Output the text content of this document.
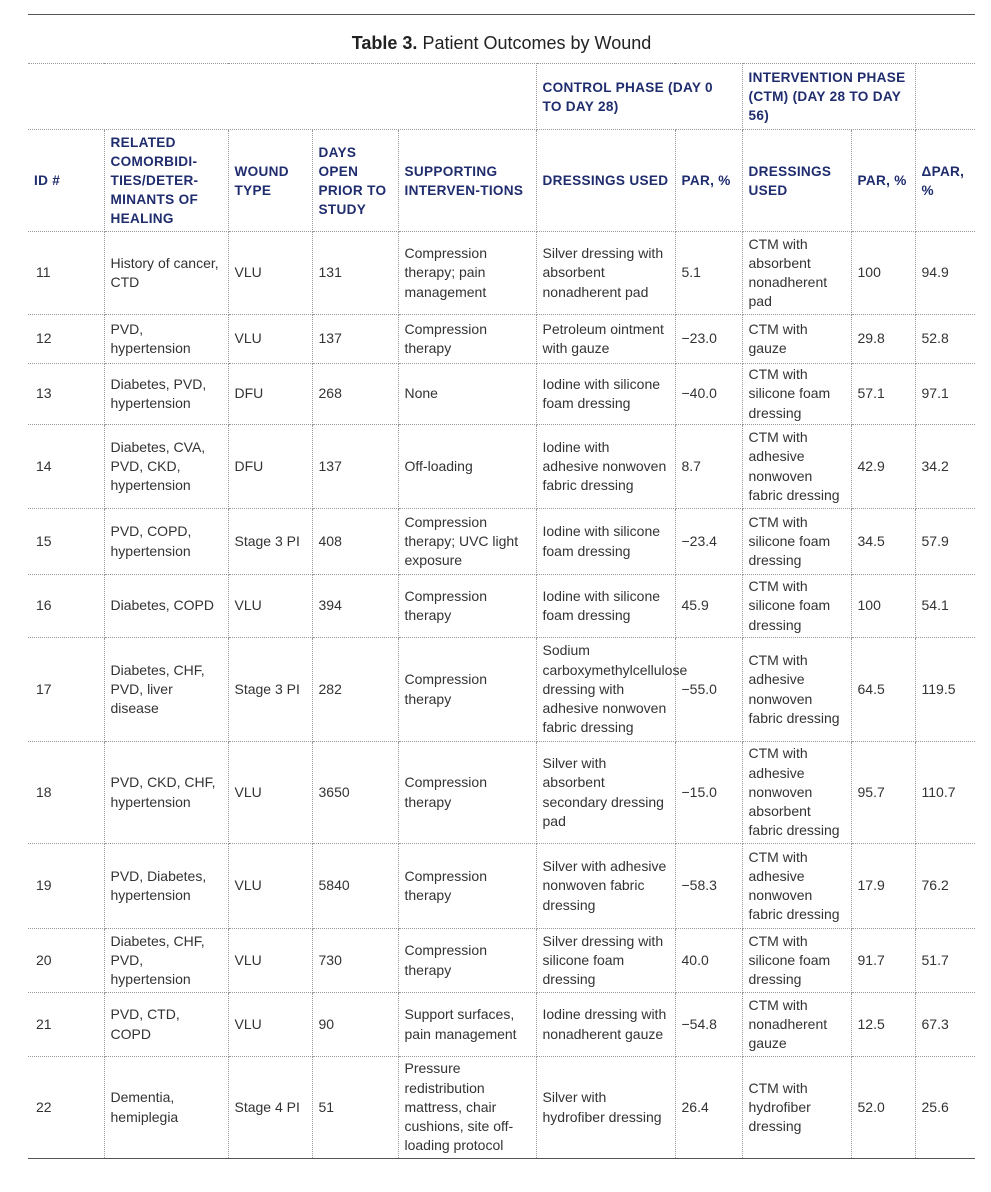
Table 3. Patient Outcomes by Wound
					CONTROL PHASE (DAY 0 TO DAY 28)		INTERVENTION PHASE (CTM) (DAY 28 TO DAY 56)		
ID #	RELATED COMORBIDI-TIES/DETER-MINANTS OF HEALING	WOUND TYPE	DAYS OPEN PRIOR TO STUDY	SUPPORTING INTERVEN-TIONS	DRESSINGS USED	PAR, %	DRESSINGS USED	PAR, %	ΔPAR, %
11	History of cancer, CTD	VLU	131	Compression therapy; pain management	Silver dressing with absorbent nonadherent pad	5.1	CTM with absorbent nonadherent pad	100	94.9
12	PVD, hypertension	VLU	137	Compression therapy	Petroleum ointment with gauze	−23.0	CTM with gauze	29.8	52.8
13	Diabetes, PVD, hypertension	DFU	268	None	Iodine with silicone foam dressing	−40.0	CTM with silicone foam dressing	57.1	97.1
14	Diabetes, CVA, PVD, CKD, hypertension	DFU	137	Off-loading	Iodine with adhesive nonwoven fabric dressing	8.7	CTM with adhesive nonwoven fabric dressing	42.9	34.2
15	PVD, COPD, hypertension	Stage 3 PI	408	Compression therapy; UVC light exposure	Iodine with silicone foam dressing	−23.4	CTM with silicone foam dressing	34.5	57.9
16	Diabetes, COPD	VLU	394	Compression therapy	Iodine with silicone foam dressing	45.9	CTM with silicone foam dressing	100	54.1
17	Diabetes, CHF, PVD, liver disease	Stage 3 PI	282	Compression therapy	Sodium carboxymethylcellulose dressing with adhesive nonwoven fabric dressing	−55.0	CTM with adhesive nonwoven fabric dressing	64.5	119.5
18	PVD, CKD, CHF, hypertension	VLU	3650	Compression therapy	Silver with absorbent secondary dressing pad	−15.0	CTM with adhesive nonwoven absorbent fabric dressing	95.7	110.7
19	PVD, Diabetes, hypertension	VLU	5840	Compression therapy	Silver with adhesive nonwoven fabric dressing	−58.3	CTM with adhesive nonwoven fabric dressing	17.9	76.2
20	Diabetes, CHF, PVD, hypertension	VLU	730	Compression therapy	Silver dressing with silicone foam dressing	40.0	CTM with silicone foam dressing	91.7	51.7
21	PVD, CTD, COPD	VLU	90	Support surfaces, pain management	Iodine dressing with nonadherent gauze	−54.8	CTM with nonadherent gauze	12.5	67.3
22	Dementia, hemiplegia	Stage 4 PI	51	Pressure redistribution mattress, chair cushions, site off-loading protocol	Silver with hydrofiber dressing	26.4	CTM with hydrofiber dressing	52.0	25.6
